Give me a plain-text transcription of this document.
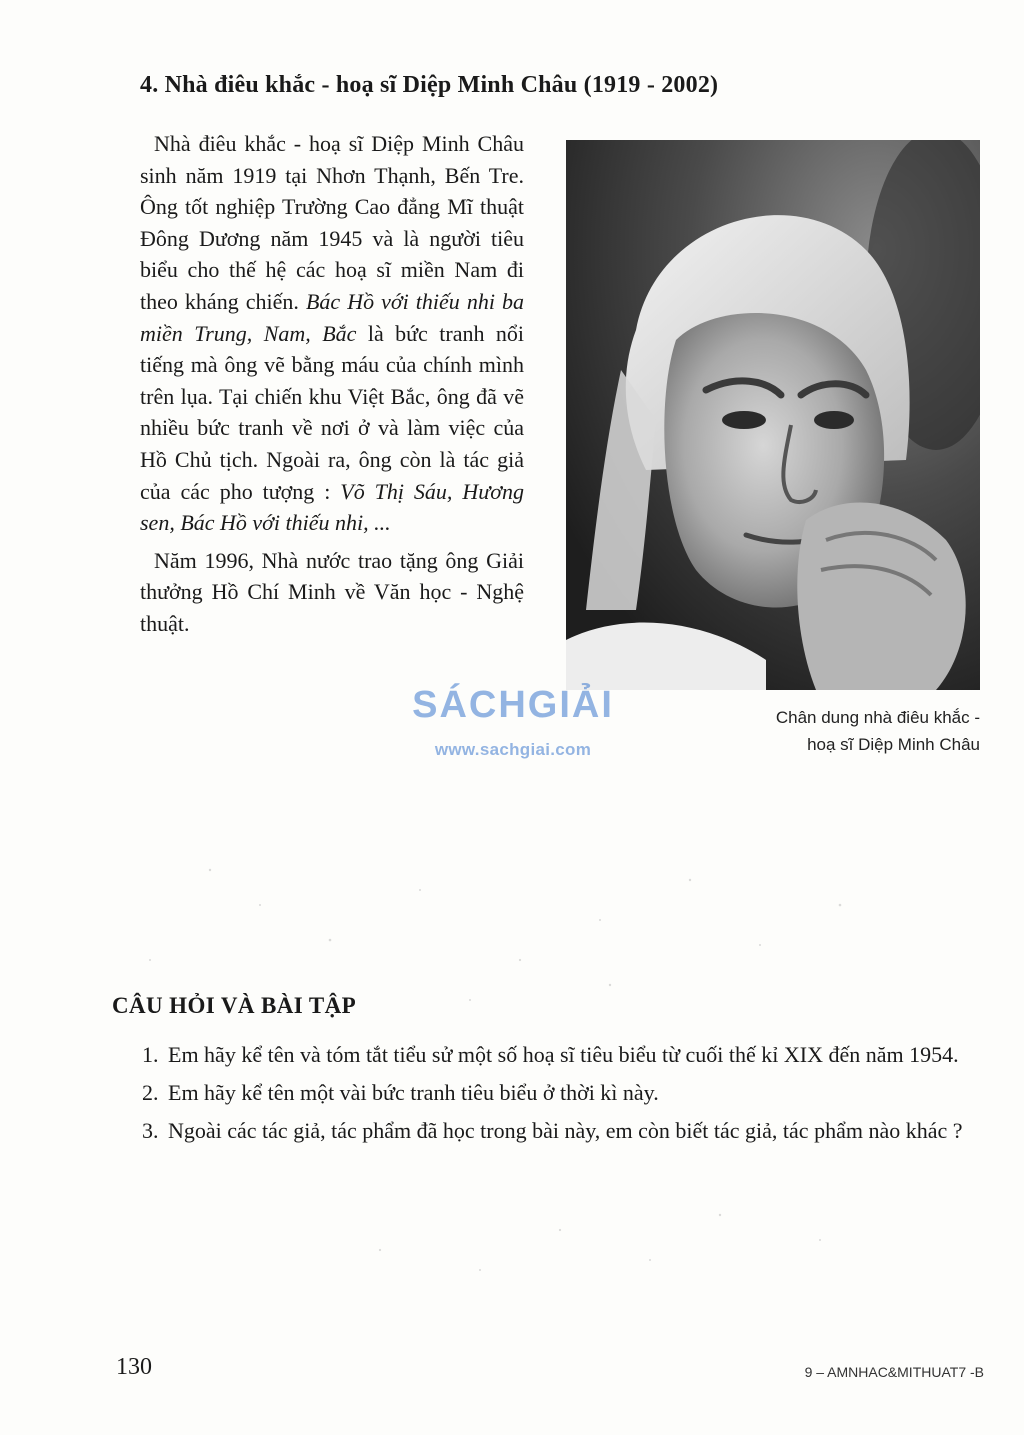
4. Nhà điêu khắc - hoạ sĩ Diệp Minh Châu (1919 - 2002)

Nhà điêu khắc - hoạ sĩ Diệp Minh Châu sinh năm 1919 tại Nhơn Thạnh, Bến Tre. Ông tốt nghiệp Trường Cao đẳng Mĩ thuật Đông Dương năm 1945 và là người tiêu biểu cho thế hệ các hoạ sĩ miền Nam đi theo kháng chiến. Bác Hồ với thiếu nhi ba miền Trung, Nam, Bắc là bức tranh nổi tiếng mà ông vẽ bằng máu của chính mình trên lụa. Tại chiến khu Việt Bắc, ông đã vẽ nhiều bức tranh về nơi ở và làm việc của Hồ Chủ tịch. Ngoài ra, ông còn là tác giả của các pho tượng : Võ Thị Sáu, Hương sen, Bác Hồ với thiếu nhi, ...

Năm 1996, Nhà nước trao tặng ông Giải thưởng Hồ Chí Minh về Văn học - Nghệ thuật.

Chân dung nhà điêu khắc -
hoạ sĩ Diệp Minh Châu
SÁCHGIẢI
www.sachgiai.com
CÂU HỎI VÀ BÀI TẬP
1. Em hãy kể tên và tóm tắt tiểu sử một số hoạ sĩ tiêu biểu từ cuối thế kỉ XIX đến năm 1954.
2. Em hãy kể tên một vài bức tranh tiêu biểu ở thời kì này.
3. Ngoài các tác giả, tác phẩm đã học trong bài này, em còn biết tác giả, tác phẩm nào khác ?
130	9 – AMNHAC&MITHUAT7 -B
